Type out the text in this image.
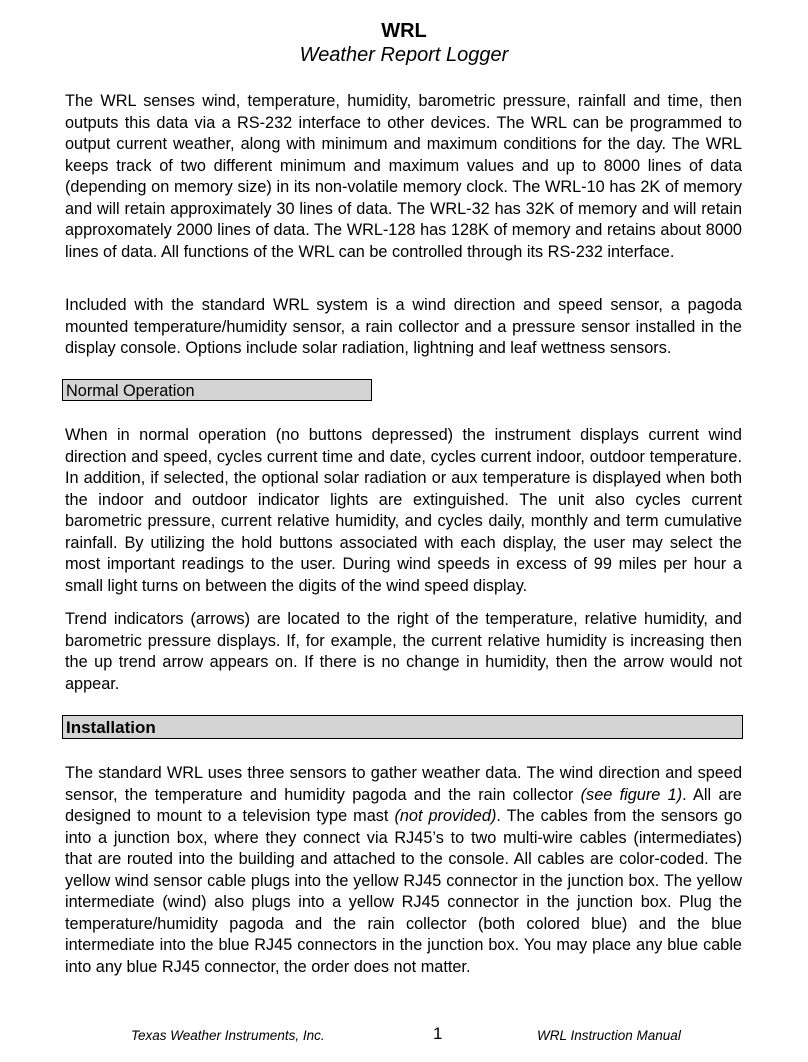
WRL
Weather Report Logger

The WRL senses wind, temperature, humidity, barometric pressure, rainfall and time, then outputs this data via a RS-232 interface to other devices. The WRL can be programmed to output current weather, along with minimum and maximum conditions for the day. The WRL keeps track of two different minimum and maximum values and up to 8000 lines of data (depending on memory size) in its non-volatile memory clock. The WRL-10 has 2K of memory and will retain approximately 30 lines of data. The WRL-32 has 32K of memory and will retain approxomately 2000 lines of data. The WRL-128 has 128K of memory and retains about 8000 lines of data. All functions of the WRL can be controlled through its RS-232 interface.

Included with the standard WRL system is a wind direction and speed sensor, a pagoda mounted temperature/humidity sensor, a rain collector and a pressure sensor installed in the display console. Options include solar radiation, lightning and leaf wettness sensors.

Normal Operation

When in normal operation (no buttons depressed) the instrument displays current wind direction and speed, cycles current time and date, cycles current indoor, outdoor temperature. In addition, if selected, the optional solar radiation or aux temperature is displayed when both the indoor and outdoor indicator lights are extinguished. The unit also cycles current barometric pressure, current relative humidity, and cycles daily, monthly and term cumulative rainfall. By utilizing the hold buttons associated with each display, the user may select the most important readings to the user. During wind speeds in excess of 99 miles per hour a small light turns on between the digits of the wind speed display.

Trend indicators (arrows) are located to the right of the temperature, relative humidity, and barometric pressure displays. If, for example, the current relative humidity is increasing then the up trend arrow appears on. If there is no change in humidity, then the arrow would not appear.

Installation

The standard WRL uses three sensors to gather weather data. The wind direction and speed sensor, the temperature and humidity pagoda and the rain collector (see figure 1). All are designed to mount to a television type mast (not provided). The cables from the sensors go into a junction box, where they connect via RJ45’s to two multi-wire cables (intermediates) that are routed into the building and attached to the console. All cables are color-coded. The yellow wind sensor cable plugs into the yellow RJ45 connector in the junction box. The yellow intermediate (wind) also plugs into a yellow RJ45 connector in the junction box. Plug the temperature/humidity pagoda and the rain collector (both colored blue) and the blue intermediate into the blue RJ45 connectors in the junction box. You may place any blue cable into any blue RJ45 connector, the order does not matter.

Texas Weather Instruments, Inc.	1	WRL Instruction Manual
